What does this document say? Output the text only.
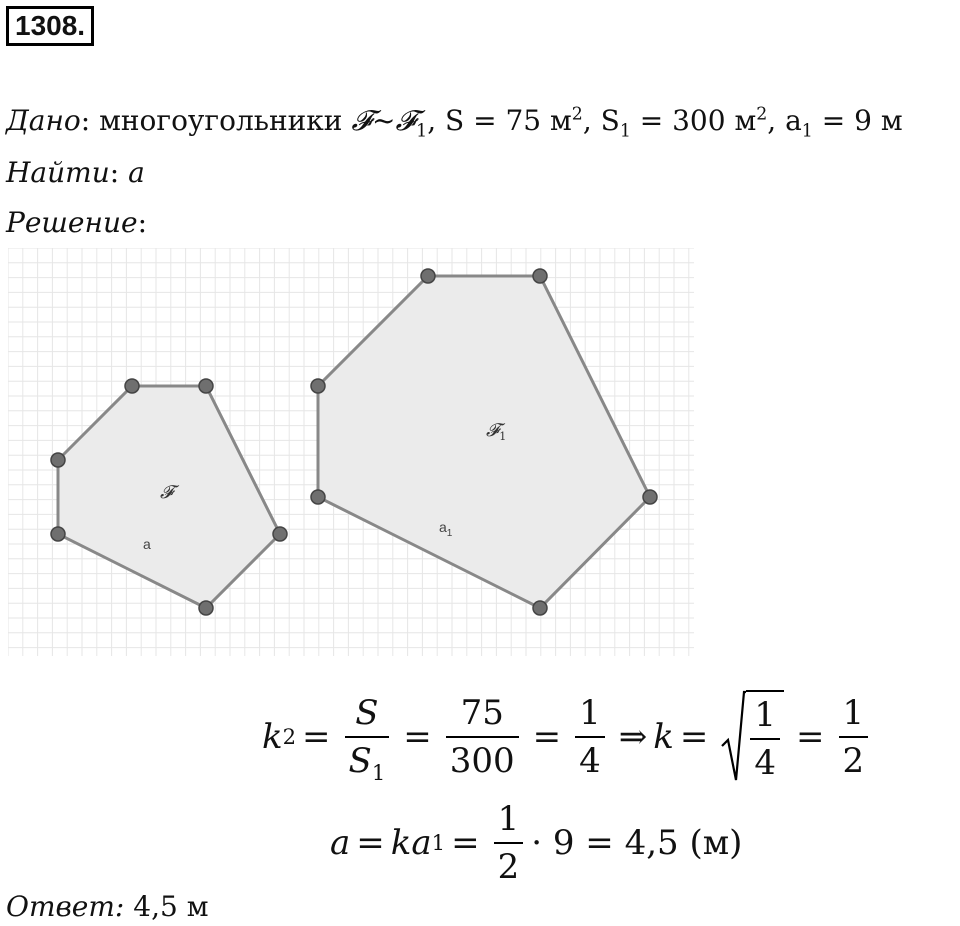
1308.
Дано: многоугольники 𝓕~𝓕$_1$, S = 75 $м^2$, $S_1 = 300$ $м^2$, $a_1 = 9$ м
Найти: a
Решение:
𝓕
𝓕$_1$
a
$a_1$
k $2 = \frac{S}{S_1} = \frac{75}{300} = \frac{1}{4}$ ⇒ $k = \frac{1}{4} = \frac{1}{2}$
a = ka $1 = \frac{1}{2} \cdot 9 = 4,5$ (м)
Ответ: 4,5 м
